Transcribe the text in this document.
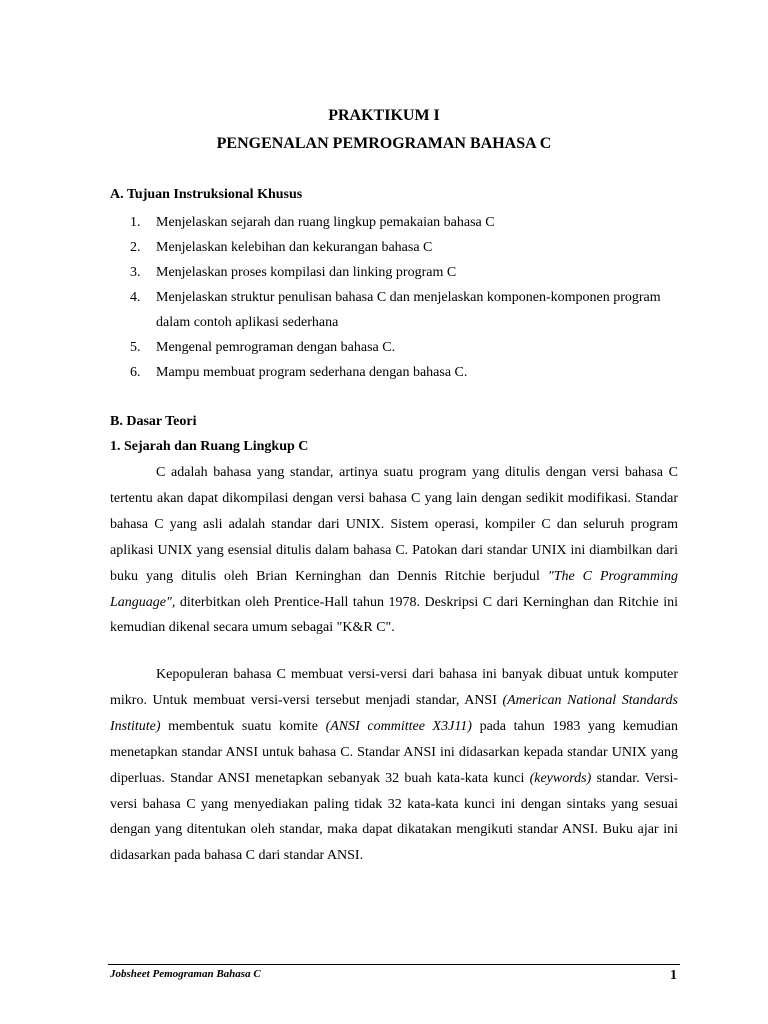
PRAKTIKUM I
PENGENALAN PEMROGRAMAN BAHASA C
A. Tujuan Instruksional Khusus
1. Menjelaskan sejarah dan ruang lingkup pemakaian bahasa C
2. Menjelaskan kelebihan dan kekurangan bahasa C
3. Menjelaskan proses kompilasi dan linking program C
4. Menjelaskan struktur penulisan bahasa C dan menjelaskan komponen-komponen program dalam contoh aplikasi sederhana
5. Mengenal pemrograman dengan bahasa C.
6. Mampu membuat program sederhana dengan bahasa C.
B. Dasar Teori
1. Sejarah dan Ruang Lingkup C

C adalah bahasa yang standar, artinya suatu program yang ditulis dengan versi bahasa C tertentu akan dapat dikompilasi dengan versi bahasa C yang lain dengan sedikit modifikasi. Standar bahasa C yang asli adalah standar dari UNIX. Sistem operasi, kompiler C dan seluruh program aplikasi UNIX yang esensial ditulis dalam bahasa C. Patokan dari standar UNIX ini diambilkan dari buku yang ditulis oleh Brian Kerninghan dan Dennis Ritchie berjudul "The C Programming Language", diterbitkan oleh Prentice-Hall tahun 1978. Deskripsi C dari Kerninghan dan Ritchie ini kemudian dikenal secara umum sebagai "K&R C".

Kepopuleran bahasa C membuat versi-versi dari bahasa ini banyak dibuat untuk komputer mikro. Untuk membuat versi-versi tersebut menjadi standar, ANSI (American National Standards Institute) membentuk suatu komite (ANSI committee X3J11) pada tahun 1983 yang kemudian menetapkan standar ANSI untuk bahasa C. Standar ANSI ini didasarkan kepada standar UNIX yang diperluas. Standar ANSI menetapkan sebanyak 32 buah kata-kata kunci (keywords) standar. Versi-versi bahasa C yang menyediakan paling tidak 32 kata-kata kunci ini dengan sintaks yang sesuai dengan yang ditentukan oleh standar, maka dapat dikatakan mengikuti standar ANSI. Buku ajar ini didasarkan pada bahasa C dari standar ANSI.

Jobsheet Pemograman Bahasa C	1
